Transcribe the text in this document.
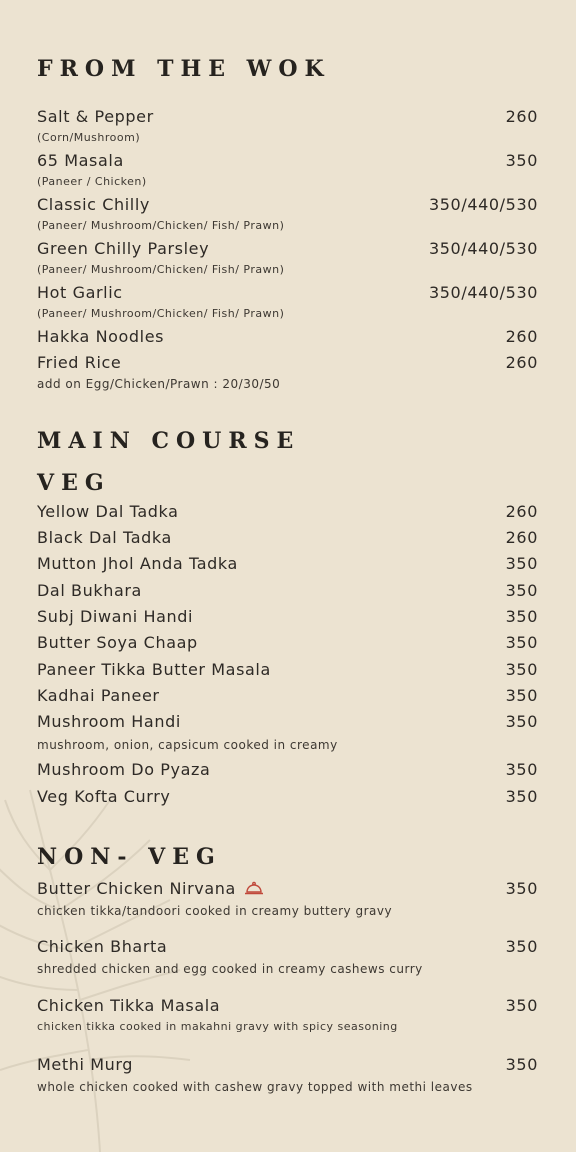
FROM THE WOK
Salt & Pepper	260
(Corn/Mushroom)
65 Masala	350
(Paneer / Chicken)
Classic Chilly	350/440/530
(Paneer/ Mushroom/Chicken/ Fish/ Prawn)
Green Chilly Parsley	350/440/530
(Paneer/ Mushroom/Chicken/ Fish/ Prawn)
Hot Garlic	350/440/530
(Paneer/ Mushroom/Chicken/ Fish/ Prawn)
Hakka Noodles	260
Fried Rice	260
add on Egg/Chicken/Prawn : 20/30/50
MAIN COURSE
VEG
Yellow Dal Tadka	260
Black Dal Tadka	260
Mutton Jhol Anda Tadka	350
Dal Bukhara	350
Subj Diwani Handi	350
Butter Soya Chaap	350
Paneer Tikka Butter Masala	350
Kadhai Paneer	350
Mushroom Handi	350
mushroom, onion, capsicum cooked in creamy
Mushroom Do Pyaza	350
Veg Kofta Curry	350
NON- VEG
Butter Chicken Nirvana	350
chicken tikka/tandoori cooked in creamy buttery gravy
Chicken Bharta	350
shredded chicken and egg cooked in creamy cashews curry
Chicken Tikka Masala	350
chicken tikka cooked in makahni gravy with spicy seasoning
Methi Murg	350
whole chicken cooked with cashew gravy topped with methi leaves
